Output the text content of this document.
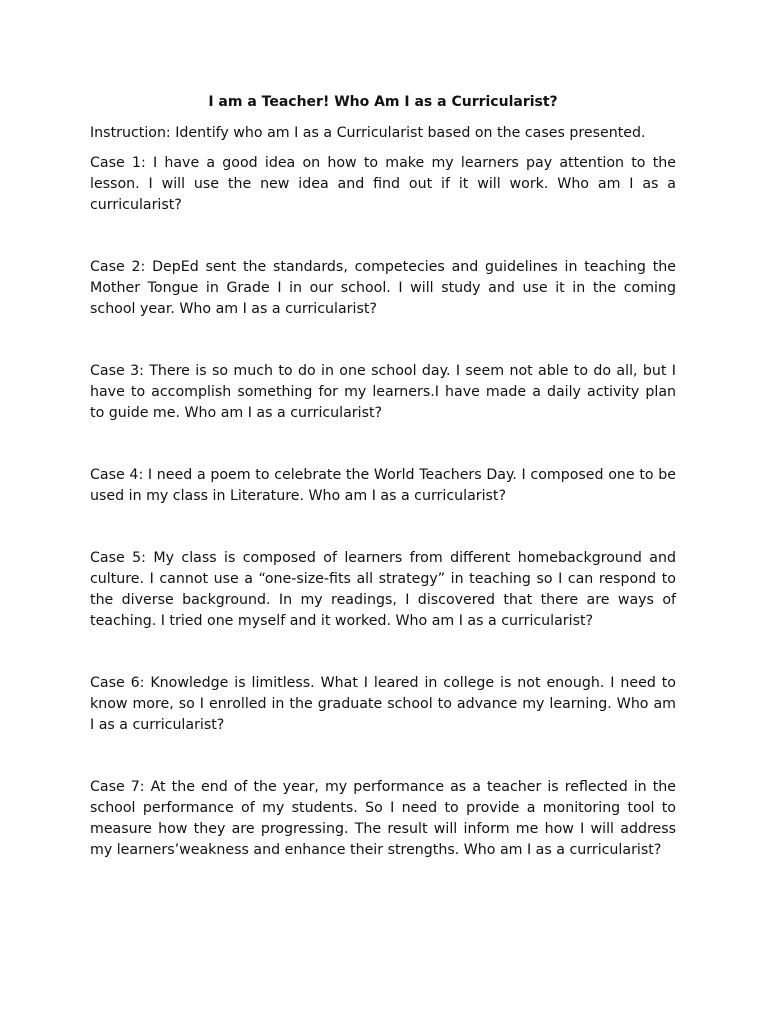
I am a Teacher! Who Am I as a Curricularist?

Instruction: Identify who am I as a Curricularist based on the cases presented.

Case 1: I have a good idea on how to make my learners pay attention to the lesson. I will use the new idea and find out if it will work. Who am I as a curricularist?

Case 2: DepEd sent the standards, competecies and guidelines in teaching the Mother Tongue in Grade I in our school. I will study and use it in the coming school year. Who am I as a curricularist?

Case 3: There is so much to do in one school day. I seem not able to do all, but I have to accomplish something for my learners.I have made a daily activity plan to guide me. Who am I as a curricularist?

Case 4: I need a poem to celebrate the World Teachers Day. I composed one to be used in my class in Literature. Who am I as a curricularist?

Case 5: My class is composed of learners from different homebackground and culture. I cannot use a “one-size-fits all strategy” in teaching so I can respond to the diverse background. In my readings, I discovered that there are ways of teaching. I tried one myself and it worked. Who am I as a curricularist?

Case 6: Knowledge is limitless. What I leared in college is not enough. I need to know more, so I enrolled in the graduate school to advance my learning. Who am I as a curricularist?

Case 7: At the end of the year, my performance as a teacher is reflected in the school performance of my students. So I need to provide a monitoring tool to measure how they are progressing. The result will inform me how I will address my learners’weakness and enhance their strengths. Who am I as a curricularist?
